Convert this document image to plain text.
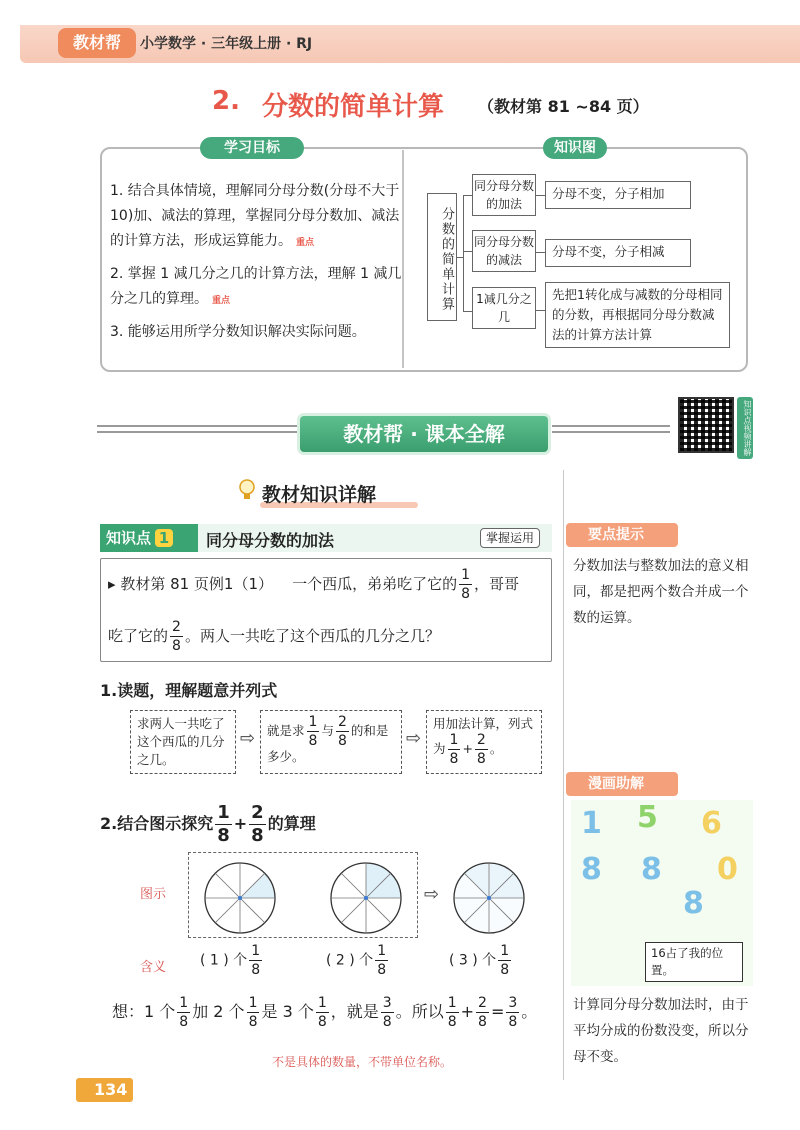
教材帮	小学数学 · 三年级上册 · RJ
2. 分数的简单计算 （教材第 81 ~84 页）
学习目标	知识图
1. 结合具体情境，理解同分母分数(分母不大于10)加、减法的算理，掌握同分母分数加、减法的计算方法，形成运算能力。 重点
2. 掌握 1 减几分之几的计算方法，理解 1 减几分之几的算理。 重点
3. 能够运用所学分数知识解决实际问题。
分数的简单计算
同分母分数的加法
同分母分数的减法
1减几分之几
分母不变，分子相加
分母不变，分子相减
先把1转化成与减数的分母相同的分数，再根据同分母分数减法的计算方法计算
教材帮 · 课本全解	知识点视频讲解
教材知识详解
知识点 1	同分母分数的加法	掌握运用
▸ 教材第 81 页例1（1） 一个西瓜，弟弟吃了它的 $\frac{1}{8}$ ，哥哥
吃了它的 $\frac{2}{8}$ 。两人一共吃了这个西瓜的几分之几？
1.读题，理解题意并列式
求两人一共吃了这个西瓜的几分之几。
⇨ 就是求 $\frac{1}{8}$ 与 $\frac{2}{8}$ 的和是多少。
⇨
用加法计算，列式为 $\frac{1}{8} + \frac{2}{8}$ 。
2.结合图示探究 $\frac{1}{8} + \frac{2}{8}$ 的算理
图示
含义
⇨
( 1 ) 个 $\frac{1}{8}$	( 2 ) 个 $\frac{1}{8}$	( 3 ) 个 $\frac{1}{8}$
想：1 个 $\frac{1}{8}$ 加 2 个 $\frac{1}{8}$ 是 3 个 $\frac{1}{8}$ ，就是 $\frac{3}{8}$ 。所以 $\frac{1}{8} + \frac{2}{8} = \frac{3}{8}$ 。
不是具体的数量，不带单位名称。
134
要点提示
分数加法与整数加法的意义相同，都是把两个数合并成一个数的运算。
漫画助解
1 5 6
8 8
8
0
16占了我的位置。
计算同分母分数加法时，由于平均分成的份数没变，所以分母不变。
